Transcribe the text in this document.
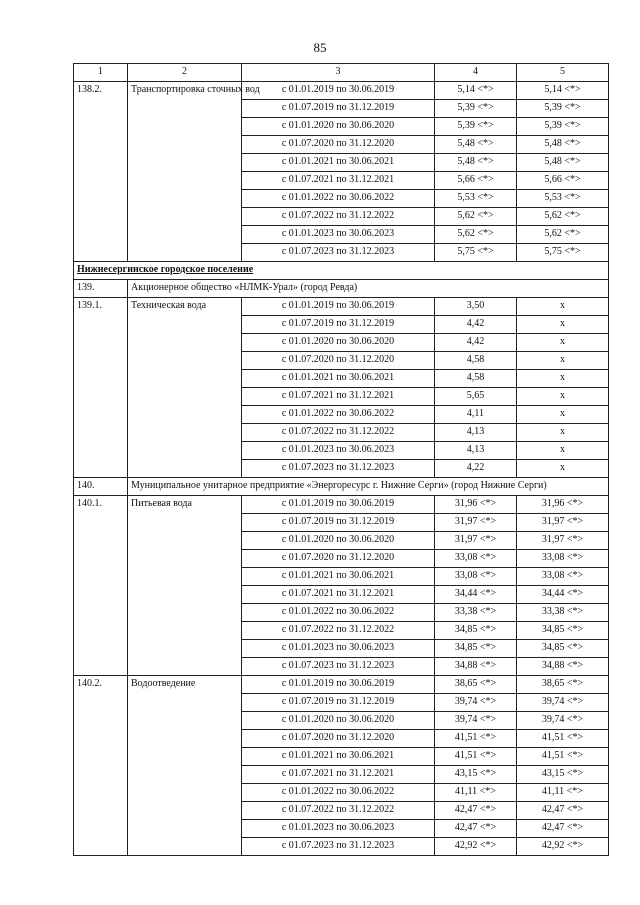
85
1	2	3	4	5
138.2.	Транспортировка сточных вод	с 01.01.2019 по 30.06.2019	5,14 <*>	5,14 <*>
		с 01.07.2019 по 31.12.2019	5,39 <*>	5,39 <*>
		с 01.01.2020 по 30.06.2020	5,39 <*>	5,39 <*>
		с 01.07.2020 по 31.12.2020	5,48 <*>	5,48 <*>
		с 01.01.2021 по 30.06.2021	5,48 <*>	5,48 <*>
		с 01.07.2021 по 31.12.2021	5,66 <*>	5,66 <*>
		с 01.01.2022 по 30.06.2022	5,53 <*>	5,53 <*>
		с 01.07.2022 по 31.12.2022	5,62 <*>	5,62 <*>
		с 01.01.2023 по 30.06.2023	5,62 <*>	5,62 <*>
		с 01.07.2023 по 31.12.2023	5,75 <*>	5,75 <*>
Нижнесергинское городское поселение				
139.	Акционерное общество «НЛМК-Урал» (город Ревда)			
139.1.	Техническая вода	с 01.01.2019 по 30.06.2019	3,50	х
		с 01.07.2019 по 31.12.2019	4,42	х
		с 01.01.2020 по 30.06.2020	4,42	х
		с 01.07.2020 по 31.12.2020	4,58	х
		с 01.01.2021 по 30.06.2021	4,58	х
		с 01.07.2021 по 31.12.2021	5,65	х
		с 01.01.2022 по 30.06.2022	4,11	х
		с 01.07.2022 по 31.12.2022	4,13	х
		с 01.01.2023 по 30.06.2023	4,13	х
		с 01.07.2023 по 31.12.2023	4,22	х
140.	Муниципальное унитарное предприятие «Энергоресурс г. Нижние Серги» (город Нижние Серги)			
140.1.	Питьевая вода	с 01.01.2019 по 30.06.2019	31,96 <*>	31,96 <*>
		с 01.07.2019 по 31.12.2019	31,97 <*>	31,97 <*>
		с 01.01.2020 по 30.06.2020	31,97 <*>	31,97 <*>
		с 01.07.2020 по 31.12.2020	33,08 <*>	33,08 <*>
		с 01.01.2021 по 30.06.2021	33,08 <*>	33,08 <*>
		с 01.07.2021 по 31.12.2021	34,44 <*>	34,44 <*>
		с 01.01.2022 по 30.06.2022	33,38 <*>	33,38 <*>
		с 01.07.2022 по 31.12.2022	34,85 <*>	34,85 <*>
		с 01.01.2023 по 30.06.2023	34,85 <*>	34,85 <*>
		с 01.07.2023 по 31.12.2023	34,88 <*>	34,88 <*>
140.2.	Водоотведение	с 01.01.2019 по 30.06.2019	38,65 <*>	38,65 <*>
		с 01.07.2019 по 31.12.2019	39,74 <*>	39,74 <*>
		с 01.01.2020 по 30.06.2020	39,74 <*>	39,74 <*>
		с 01.07.2020 по 31.12.2020	41,51 <*>	41,51 <*>
		с 01.01.2021 по 30.06.2021	41,51 <*>	41,51 <*>
		с 01.07.2021 по 31.12.2021	43,15 <*>	43,15 <*>
		с 01.01.2022 по 30.06.2022	41,11 <*>	41,11 <*>
		с 01.07.2022 по 31.12.2022	42,47 <*>	42,47 <*>
		с 01.01.2023 по 30.06.2023	42,47 <*>	42,47 <*>
		с 01.07.2023 по 31.12.2023	42,92 <*>	42,92 <*>
